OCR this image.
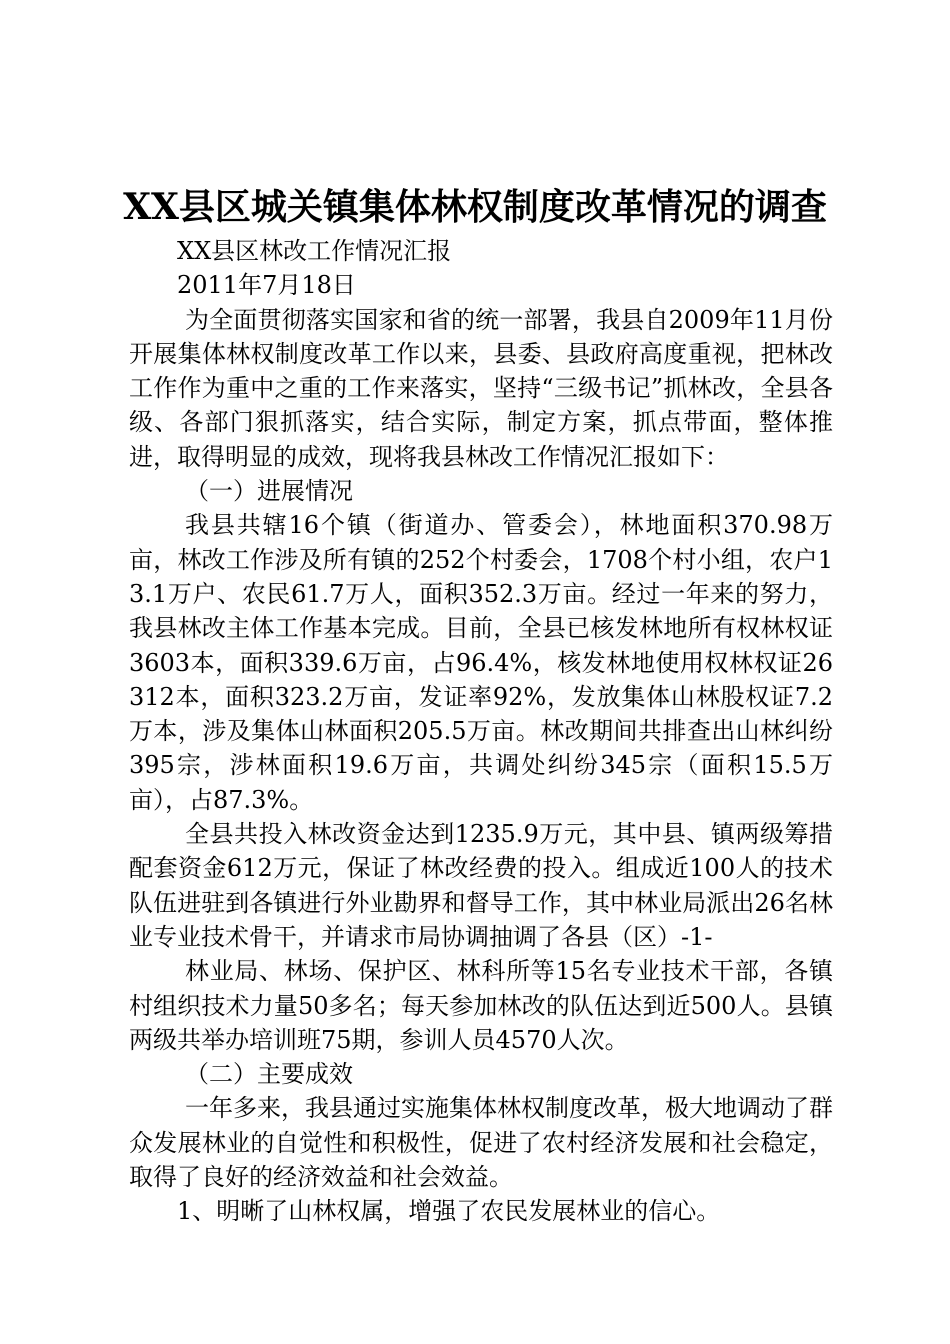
XX县区城关镇集体林权制度改革情况的调查

XX县区林改工作情况汇报

2011年7月18日

为全面贯彻落实国家和省的统一部署，我县自2009年11月份开展集体林权制度改革工作以来，县委、县政府高度重视，把林改工作作为重中之重的工作来落实，坚持“三级书记”抓林改，全县各级、各部门狠抓落实，结合实际，制定方案，抓点带面，整体推进，取得明显的成效，现将我县林改工作情况汇报如下：

（一）进展情况

我县共辖16个镇（街道办、管委会），林地面积370.98万亩，林改工作涉及所有镇的252个村委会，1708个村小组，农户13.1万户、农民61.7万人，面积352.3万亩。经过一年来的努力，我县林改主体工作基本完成。目前，全县已核发林地所有权林权证3603本，面积339.6万亩，占96.4%，核发林地使用权林权证26312本，面积323.2万亩，发证率92%，发放集体山林股权证7.2万本，涉及集体山林面积205.5万亩。林改期间共排查出山林纠纷395宗，涉林面积19.6万亩，共调处纠纷345宗（面积15.5万亩），占87.3%。

全县共投入林改资金达到1235.9万元，其中县、镇两级筹措配套资金612万元，保证了林改经费的投入。组成近100人的技术队伍进驻到各镇进行外业勘界和督导工作，其中林业局派出26名林业专业技术骨干，并请求市局协调抽调了各县（区）-1-

林业局、林场、保护区、林科所等15名专业技术干部，各镇村组织技术力量50多名；每天参加林改的队伍达到近500人。县镇两级共举办培训班75期，参训人员4570人次。

（二）主要成效

一年多来，我县通过实施集体林权制度改革，极大地调动了群众发展林业的自觉性和积极性，促进了农村经济发展和社会稳定，取得了良好的经济效益和社会效益。

1、明晰了山林权属，增强了农民发展林业的信心。
